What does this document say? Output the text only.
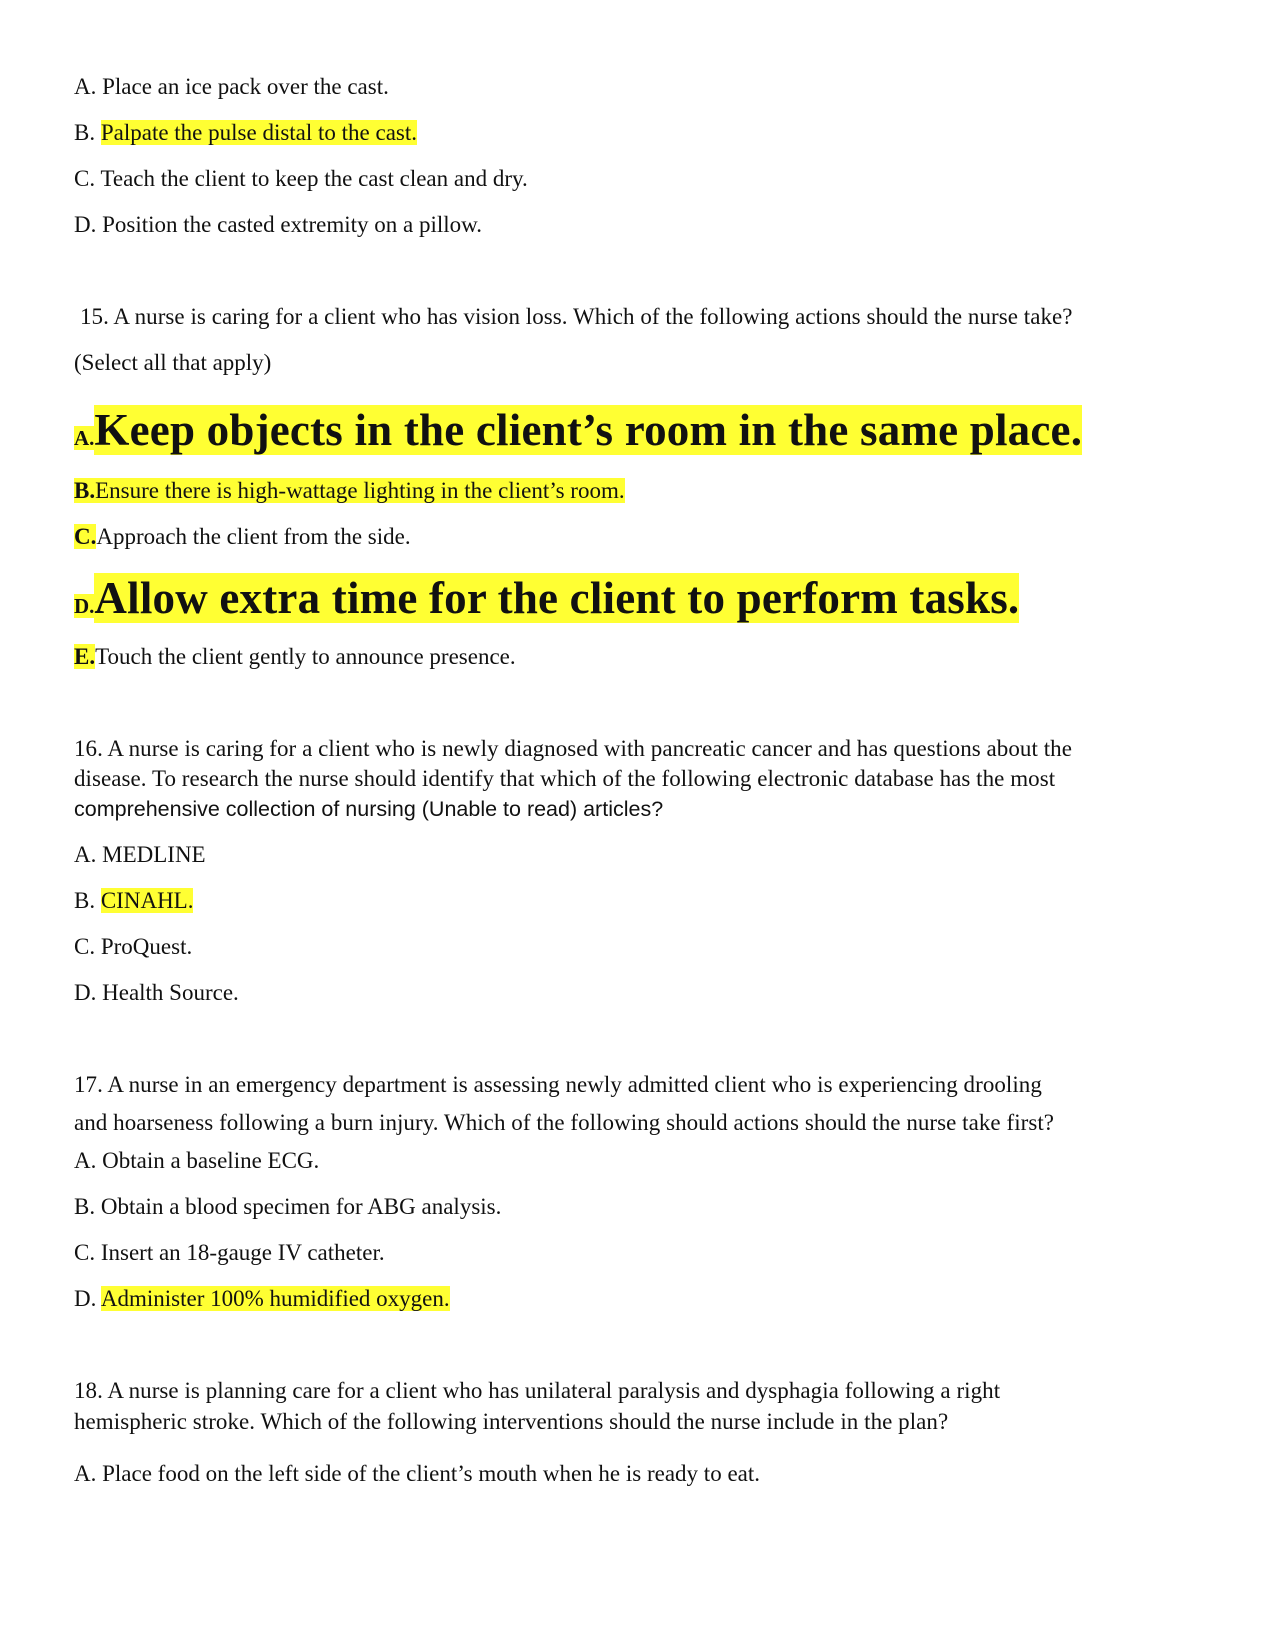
A. Place an ice pack over the cast.
B. Palpate the pulse distal to the cast.
C. Teach the client to keep the cast clean and dry.
D. Position the casted extremity on a pillow.
15. A nurse is caring for a client who has vision loss. Which of the following actions should the nurse take?
(Select all that apply)
A.Keep objects in the client’s room in the same place.
B.Ensure there is high-wattage lighting in the client’s room.
C.Approach the client from the side.
D.Allow extra time for the client to perform tasks.
E.Touch the client gently to announce presence.
16. A nurse is caring for a client who is newly diagnosed with pancreatic cancer and has questions about the
disease. To research the nurse should identify that which of the following electronic database has the most
comprehensive collection of nursing (Unable to read) articles?
A. MEDLINE
B. CINAHL.
C. ProQuest.
D. Health Source.
17. A nurse in an emergency department is assessing newly admitted client who is experiencing drooling
and hoarseness following a burn injury. Which of the following should actions should the nurse take first?
A. Obtain a baseline ECG.
B. Obtain a blood specimen for ABG analysis.
C. Insert an 18-gauge IV catheter.
D. Administer 100% humidified oxygen.
18. A nurse is planning care for a client who has unilateral paralysis and dysphagia following a right
hemispheric stroke. Which of the following interventions should the nurse include in the plan?
A. Place food on the left side of the client’s mouth when he is ready to eat.
